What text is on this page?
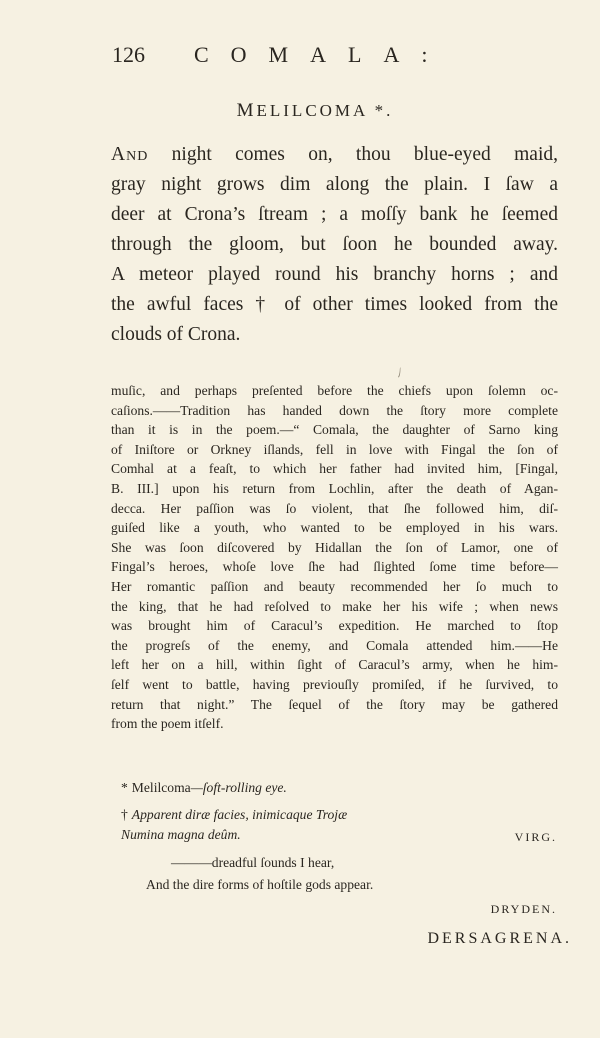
126 COMALA:
MELILCOMA *.
And night comes on, thou blue-eyed maid,
gray night grows dim along the plain. I ſaw a
deer at Crona’s ſtream ; a moſſy bank he ſeemed
through the gloom, but ſoon he bounded away.
A meteor played round his branchy horns ; and
the awful faces † of other times looked from the
clouds of Crona.
〵
muſic, and perhaps preſented before the chiefs upon ſolemn oc-
caſions.——Tradition has handed down the ſtory more complete
than it is in the poem.—“ Comala, the daughter of Sarno king
of Iniſtore or Orkney iſlands, fell in love with Fingal the ſon of
Comhal at a feaſt, to which her father had invited him, [Fingal,
B. III.] upon his return from Lochlin, after the death of Agan-
decca. Her paſſion was ſo violent, that ſhe followed him, diſ-
guiſed like a youth, who wanted to be employed in his wars.
She was ſoon diſcovered by Hidallan the ſon of Lamor, one of
Fingal’s heroes, whoſe love ſhe had ſlighted ſome time before—
Her romantic paſſion and beauty recommended her ſo much to
the king, that he had reſolved to make her his wife ; when news
was brought him of Caracul’s expedition. He marched to ſtop
the progreſs of the enemy, and Comala attended him.——He
left her on a hill, within ſight of Caracul’s army, when he him-
ſelf went to battle, having previouſly promiſed, if he ſurvived, to
return that night.” The ſequel of the ſtory may be gathered
from the poem itſelf.
* Melilcoma—ſoft-rolling eye.
† Apparent diræ facies, inimicaque Trojæ
Numina magna deûm.	VIRG.
———dreadful ſounds I hear,
And the dire forms of hoſtile gods appear.
DRYDEN.
DERSAGRENA.
